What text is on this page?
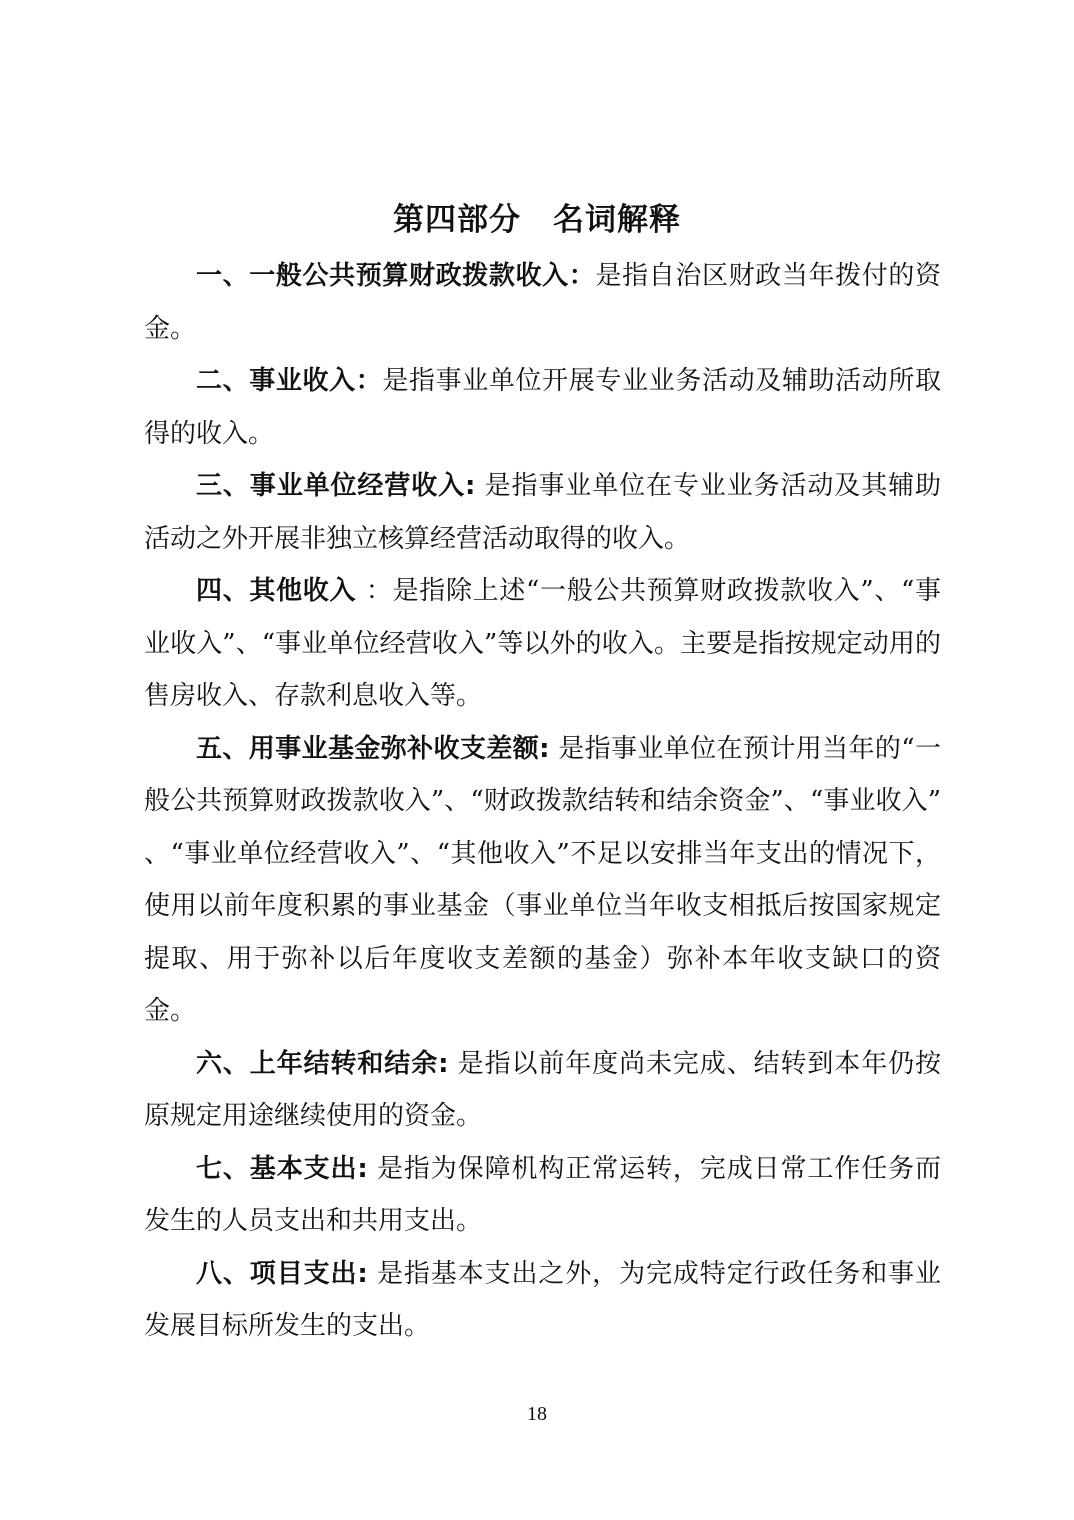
第四部分　名词解释

一、一般公共预算财政拨款收入：是指自治区财政当年拨付的资金。

二、事业收入：是指事业单位开展专业业务活动及辅助活动所取得的收入。

三、事业单位经营收入: 是指事业单位在专业业务活动及其辅助活动之外开展非独立核算经营活动取得的收入。

四、其他收入 ：是指除上述“一般公共预算财政拨款收入”、“事业收入”、“事业单位经营收入”等以外的收入。主要是指按规定动用的售房收入、存款利息收入等。

五、用事业基金弥补收支差额: 是指事业单位在预计用当年的“一般公共预算财政拨款收入”、“财政拨款结转和结余资金”、“事业收入” 、“事业单位经营收入”、“其他收入”不足以安排当年支出的情况下，使用以前年度积累的事业基金（事业单位当年收支相抵后按国家规定提取、用于弥补以后年度收支差额的基金）弥补本年收支缺口的资金。

六、上年结转和结余: 是指以前年度尚未完成、结转到本年仍按原规定用途继续使用的资金。

七、基本支出: 是指为保障机构正常运转，完成日常工作任务而发生的人员支出和共用支出。

八、项目支出: 是指基本支出之外，为完成特定行政任务和事业发展目标所发生的支出。

18
